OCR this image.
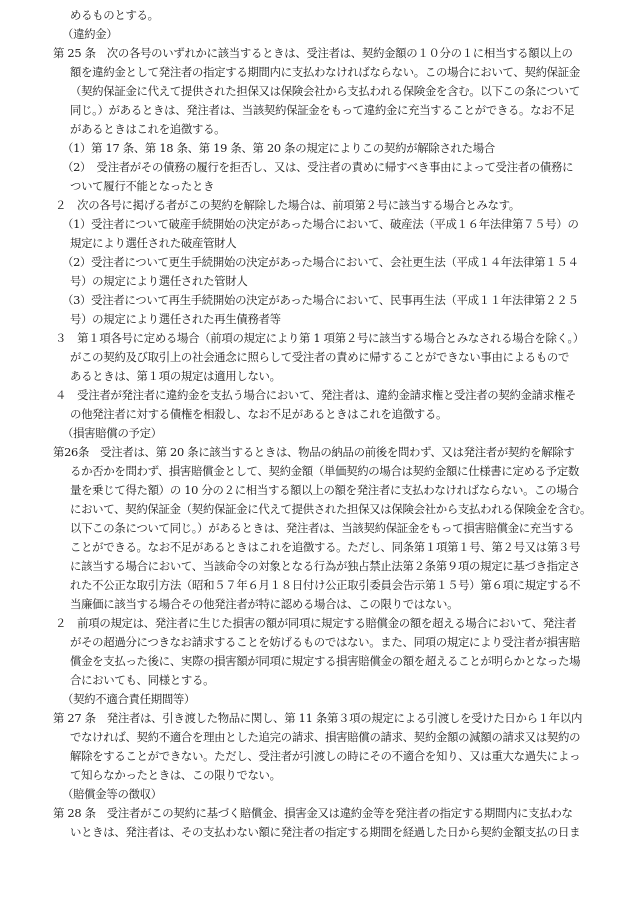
めるものとする。
（違約金）
第 25 条　次の各号のいずれかに該当するときは、受注者は、契約金額の１０分の１に相当する額以上の
額を違約金として発注者の指定する期間内に支払わなければならない。この場合において、契約保証金
（契約保証金に代えて提供された担保又は保険会社から支払われる保険金を含む。以下この条について
同じ。）があるときは、発注者は、当該契約保証金をもって違約金に充当することができる。なお不足
があるときはこれを追徴する。
（1）第 17 条、第 18 条、第 19 条、第 20 条の規定によりこの契約が解除された場合
（2）　受注者がその債務の履行を拒否し、又は、受注者の責めに帰すべき事由によって受注者の債務に
ついて履行不能となったとき
２　次の各号に掲げる者がこの契約を解除した場合は、前項第２号に該当する場合とみなす。
（1）受注者について破産手続開始の決定があった場合において、破産法（平成１６年法律第７５号）の
規定により選任された破産管財人
（2）受注者について更生手続開始の決定があった場合において、会社更生法（平成１４年法律第１５４
号）の規定により選任された管財人
（3）受注者について再生手続開始の決定があった場合において、民事再生法（平成１１年法律第２２５
号）の規定により選任された再生債務者等
３　第１項各号に定める場合（前項の規定により第 1 項第２号に該当する場合とみなされる場合を除く。）
がこの契約及び取引上の社会通念に照らして受注者の責めに帰することができない事由によるもので
あるときは、第１項の規定は適用しない。
４　受注者が発注者に違約金を支払う場合において、発注者は、違約金請求権と受注者の契約金請求権そ
の他発注者に対する債権を相殺し、なお不足があるときはこれを追徴する。
（損害賠償の予定）
第26条　受注者は、第 20 条に該当するときは、物品の納品の前後を問わず、又は発注者が契約を解除す
るか否かを問わず、損害賠償金として、契約金額（単価契約の場合は契約金額に仕様書に定める予定数
量を乗じて得た額）の 10 分の２に相当する額以上の額を発注者に支払わなければならない。この場合
において、契約保証金（契約保証金に代えて提供された担保又は保険会社から支払われる保険金を含む。
以下この条について同じ。）があるときは、発注者は、当該契約保証金をもって損害賠償金に充当する
ことができる。なお不足があるときはこれを追徴する。ただし、同条第１項第１号、第２号又は第３号
に該当する場合において、当該命令の対象となる行為が独占禁止法第２条第９項の規定に基づき指定さ
れた不公正な取引方法（昭和５７年６月１８日付け公正取引委員会告示第１５号）第６項に規定する不
当廉価に該当する場合その他発注者が特に認める場合は、この限りではない。
２　前項の規定は、発注者に生じた損害の額が同項に規定する賠償金の額を超える場合において、発注者
がその超過分につきなお請求することを妨げるものではない。また、同項の規定により受注者が損害賠
償金を支払った後に、実際の損害額が同項に規定する損害賠償金の額を超えることが明らかとなった場
合においても、同様とする。
（契約不適合責任期間等）
第 27 条　発注者は、引き渡した物品に関し、第 11 条第３項の規定による引渡しを受けた日から１年以内
でなければ、契約不適合を理由とした追完の請求、損害賠償の請求、契約金額の減額の請求又は契約の
解除をすることができない。ただし、受注者が引渡しの時にその不適合を知り、又は重大な過失によっ
て知らなかったときは、この限りでない。
（賠償金等の徴収）
第 28 条　受注者がこの契約に基づく賠償金、損害金又は違約金等を発注者の指定する期間内に支払わな
いときは、発注者は、その支払わない額に発注者の指定する期間を経過した日から契約金額支払の日ま
